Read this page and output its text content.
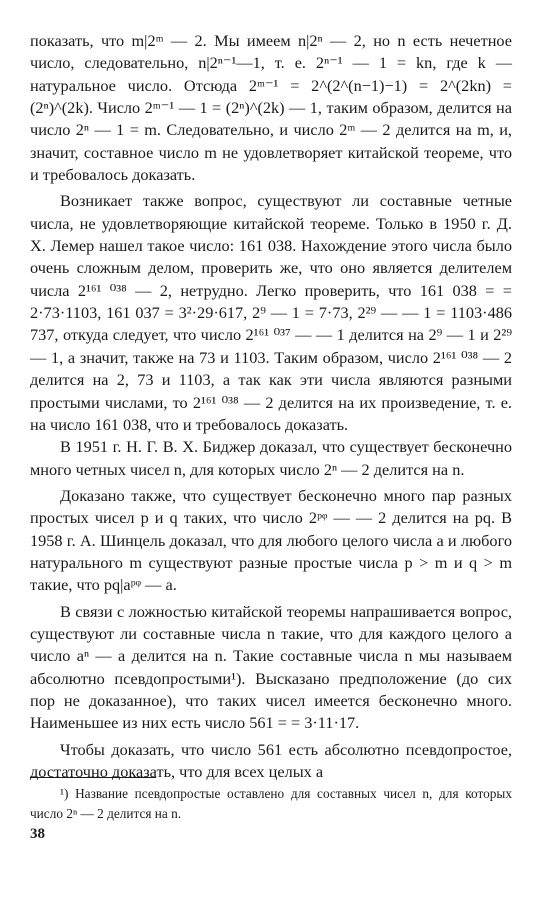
показать, что m|2ᵐ — 2. Мы имеем n|2ⁿ — 2, но n есть нечетное число, следовательно, n|2ⁿ⁻¹—1, т. е. 2ⁿ⁻¹ — 1 = kn, где k — натуральное число. Отсюда 2ᵐ⁻¹ = 2^(2^(n−1)−1) = 2^(2kn) = (2ⁿ)^(2k). Число 2ᵐ⁻¹ — 1 = (2ⁿ)^(2k) — 1, таким образом, делится на число 2ⁿ — 1 = m. Следовательно, и число 2ᵐ — 2 делится на m, и, значит, составное число m не удовлетворяет китайской теореме, что и требовалось доказать.

Возникает также вопрос, существуют ли составные четные числа, не удовлетворяющие китайской теореме. Только в 1950 г. Д. Х. Лемер нашел такое число: 161 038. Нахождение этого числа было очень сложным делом, проверить же, что оно является делителем числа 2¹⁶¹ ⁰³⁸ — 2, нетрудно. Легко проверить, что 161 038 = = 2·73·1103, 161 037 = 3²·29·617, 2⁹ — 1 = 7·73, 2²⁹ — — 1 = 1103·486 737, откуда следует, что число 2¹⁶¹ ⁰³⁷ — — 1 делится на 2⁹ — 1 и 2²⁹ — 1, а значит, также на 73 и 1103. Таким образом, число 2¹⁶¹ ⁰³⁸ — 2 делится на 2, 73 и 1103, а так как эти числа являются разными простыми числами, то 2¹⁶¹ ⁰³⁸ — 2 делится на их произведение, т. е. на число 161 038, что и требовалось доказать.

В 1951 г. Н. Г. В. Х. Биджер доказал, что существует бесконечно много четных чисел n, для которых число 2ⁿ — 2 делится на n.

Доказано также, что существует бесконечно много пар разных простых чисел p и q таких, что число 2ᵖᵠ — — 2 делится на pq. В 1958 г. А. Шинцель доказал, что для любого целого числа a и любого натурального m существуют разные простые числа p > m и q > m такие, что pq|aᵖᵠ — a.

В связи с ложностью китайской теоремы напрашивается вопрос, существуют ли составные числа n такие, что для каждого целого a число aⁿ — a делится на n. Такие составные числа n мы называем абсолютно псевдопростыми¹). Высказано предположение (до сих пор не доказанное), что таких чисел имеется бесконечно много. Наименьшее из них есть число 561 = = 3·11·17.

Чтобы доказать, что число 561 есть абсолютно псевдопростое, достаточно доказать, что для всех целых a

¹) Название псевдопростые оставлено для составных чисел n, для которых число 2ⁿ — 2 делится на n.
38
